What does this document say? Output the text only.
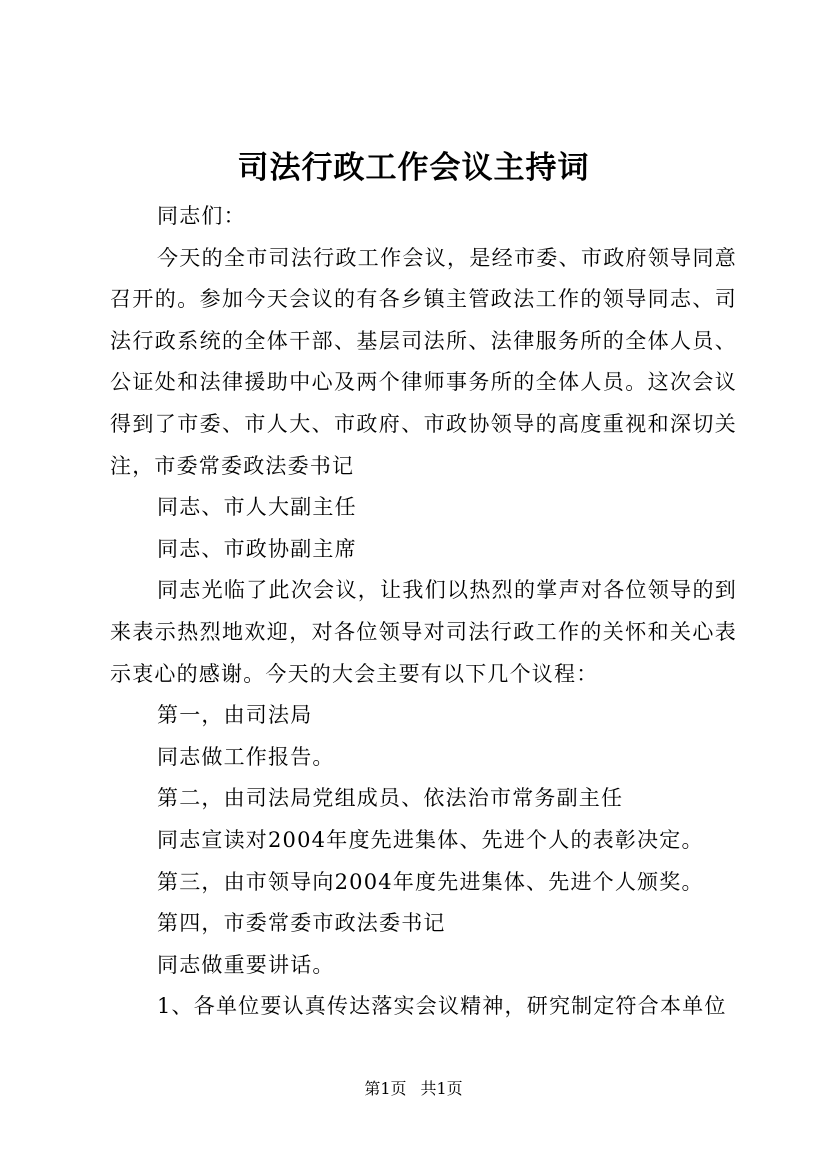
司法行政工作会议主持词

同志们：

今天的全市司法行政工作会议，是经市委、市政府领导同意召开的。参加今天会议的有各乡镇主管政法工作的领导同志、司法行政系统的全体干部、基层司法所、法律服务所的全体人员、公证处和法律援助中心及两个律师事务所的全体人员。这次会议得到了市委、市人大、市政府、市政协领导的高度重视和深切关注，市委常委政法委书记

同志、市人大副主任

同志、市政协副主席

同志光临了此次会议，让我们以热烈的掌声对各位领导的到来表示热烈地欢迎，对各位领导对司法行政工作的关怀和关心表示衷心的感谢。今天的大会主要有以下几个议程：

第一，由司法局

同志做工作报告。

第二，由司法局党组成员、依法治市常务副主任

同志宣读对2004年度先进集体、先进个人的表彰决定。

第三，由市领导向2004年度先进集体、先进个人颁奖。

第四，市委常委市政法委书记

同志做重要讲话。

1、各单位要认真传达落实会议精神，研究制定符合本单位

第1页 共1页
